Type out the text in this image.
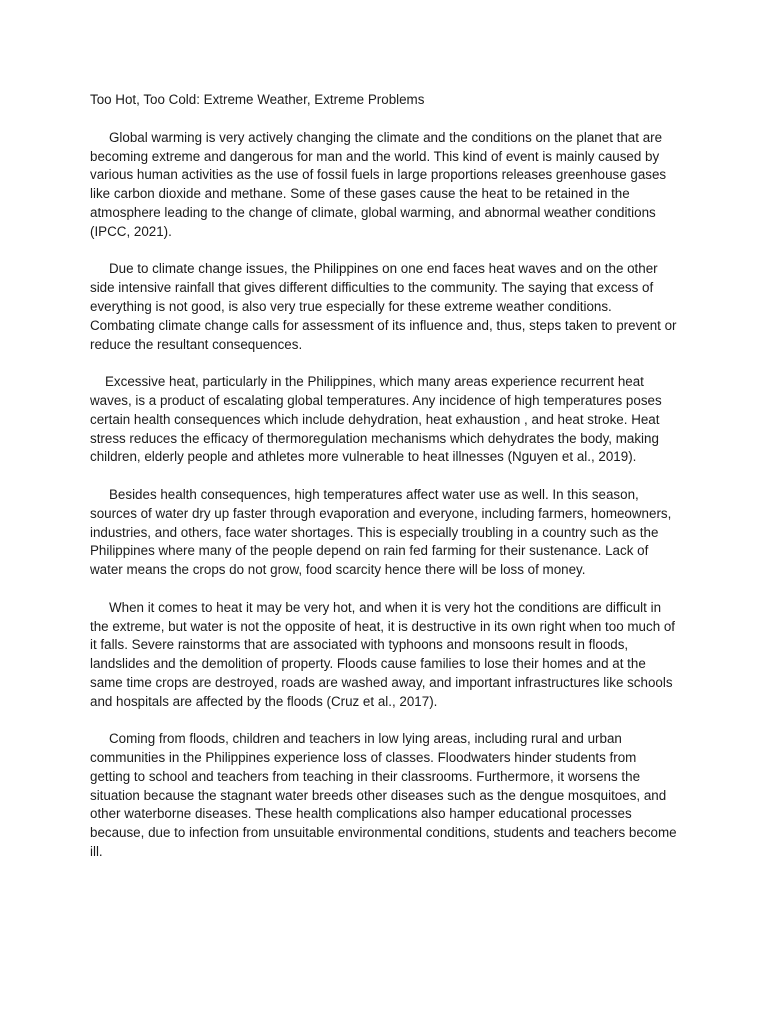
Too Hot, Too Cold: Extreme Weather, Extreme Problems

Global warming is very actively changing the climate and the conditions on the planet that are becoming extreme and dangerous for man and the world. This kind of event is mainly caused by various human activities as the use of fossil fuels in large proportions releases greenhouse gases like carbon dioxide and methane. Some of these gases cause the heat to be retained in the atmosphere leading to the change of climate, global warming, and abnormal weather conditions (IPCC, 2021).

Due to climate change issues, the Philippines on one end faces heat waves and on the other side intensive rainfall that gives different difficulties to the community. The saying that excess of everything is not good, is also very true especially for these extreme weather conditions. Combating climate change calls for assessment of its influence and, thus, steps taken to prevent or reduce the resultant consequences.

Excessive heat, particularly in the Philippines, which many areas experience recurrent heat waves, is a product of escalating global temperatures. Any incidence of high temperatures poses certain health consequences which include dehydration, heat exhaustion , and heat stroke. Heat stress reduces the efficacy of thermoregulation mechanisms which dehydrates the body, making children, elderly people and athletes more vulnerable to heat illnesses (Nguyen et al., 2019).

Besides health consequences, high temperatures affect water use as well. In this season, sources of water dry up faster through evaporation and everyone, including farmers, homeowners, industries, and others, face water shortages. This is especially troubling in a country such as the Philippines where many of the people depend on rain fed farming for their sustenance. Lack of water means the crops do not grow, food scarcity hence there will be loss of money.

When it comes to heat it may be very hot, and when it is very hot the conditions are difficult in the extreme, but water is not the opposite of heat, it is destructive in its own right when too much of it falls. Severe rainstorms that are associated with typhoons and monsoons result in floods, landslides and the demolition of property. Floods cause families to lose their homes and at the same time crops are destroyed, roads are washed away, and important infrastructures like schools and hospitals are affected by the floods (Cruz et al., 2017).

Coming from floods, children and teachers in low lying areas, including rural and urban communities in the Philippines experience loss of classes. Floodwaters hinder students from getting to school and teachers from teaching in their classrooms. Furthermore, it worsens the situation because the stagnant water breeds other diseases such as the dengue mosquitoes, and other waterborne diseases. These health complications also hamper educational processes because, due to infection from unsuitable environmental conditions, students and teachers become ill.
